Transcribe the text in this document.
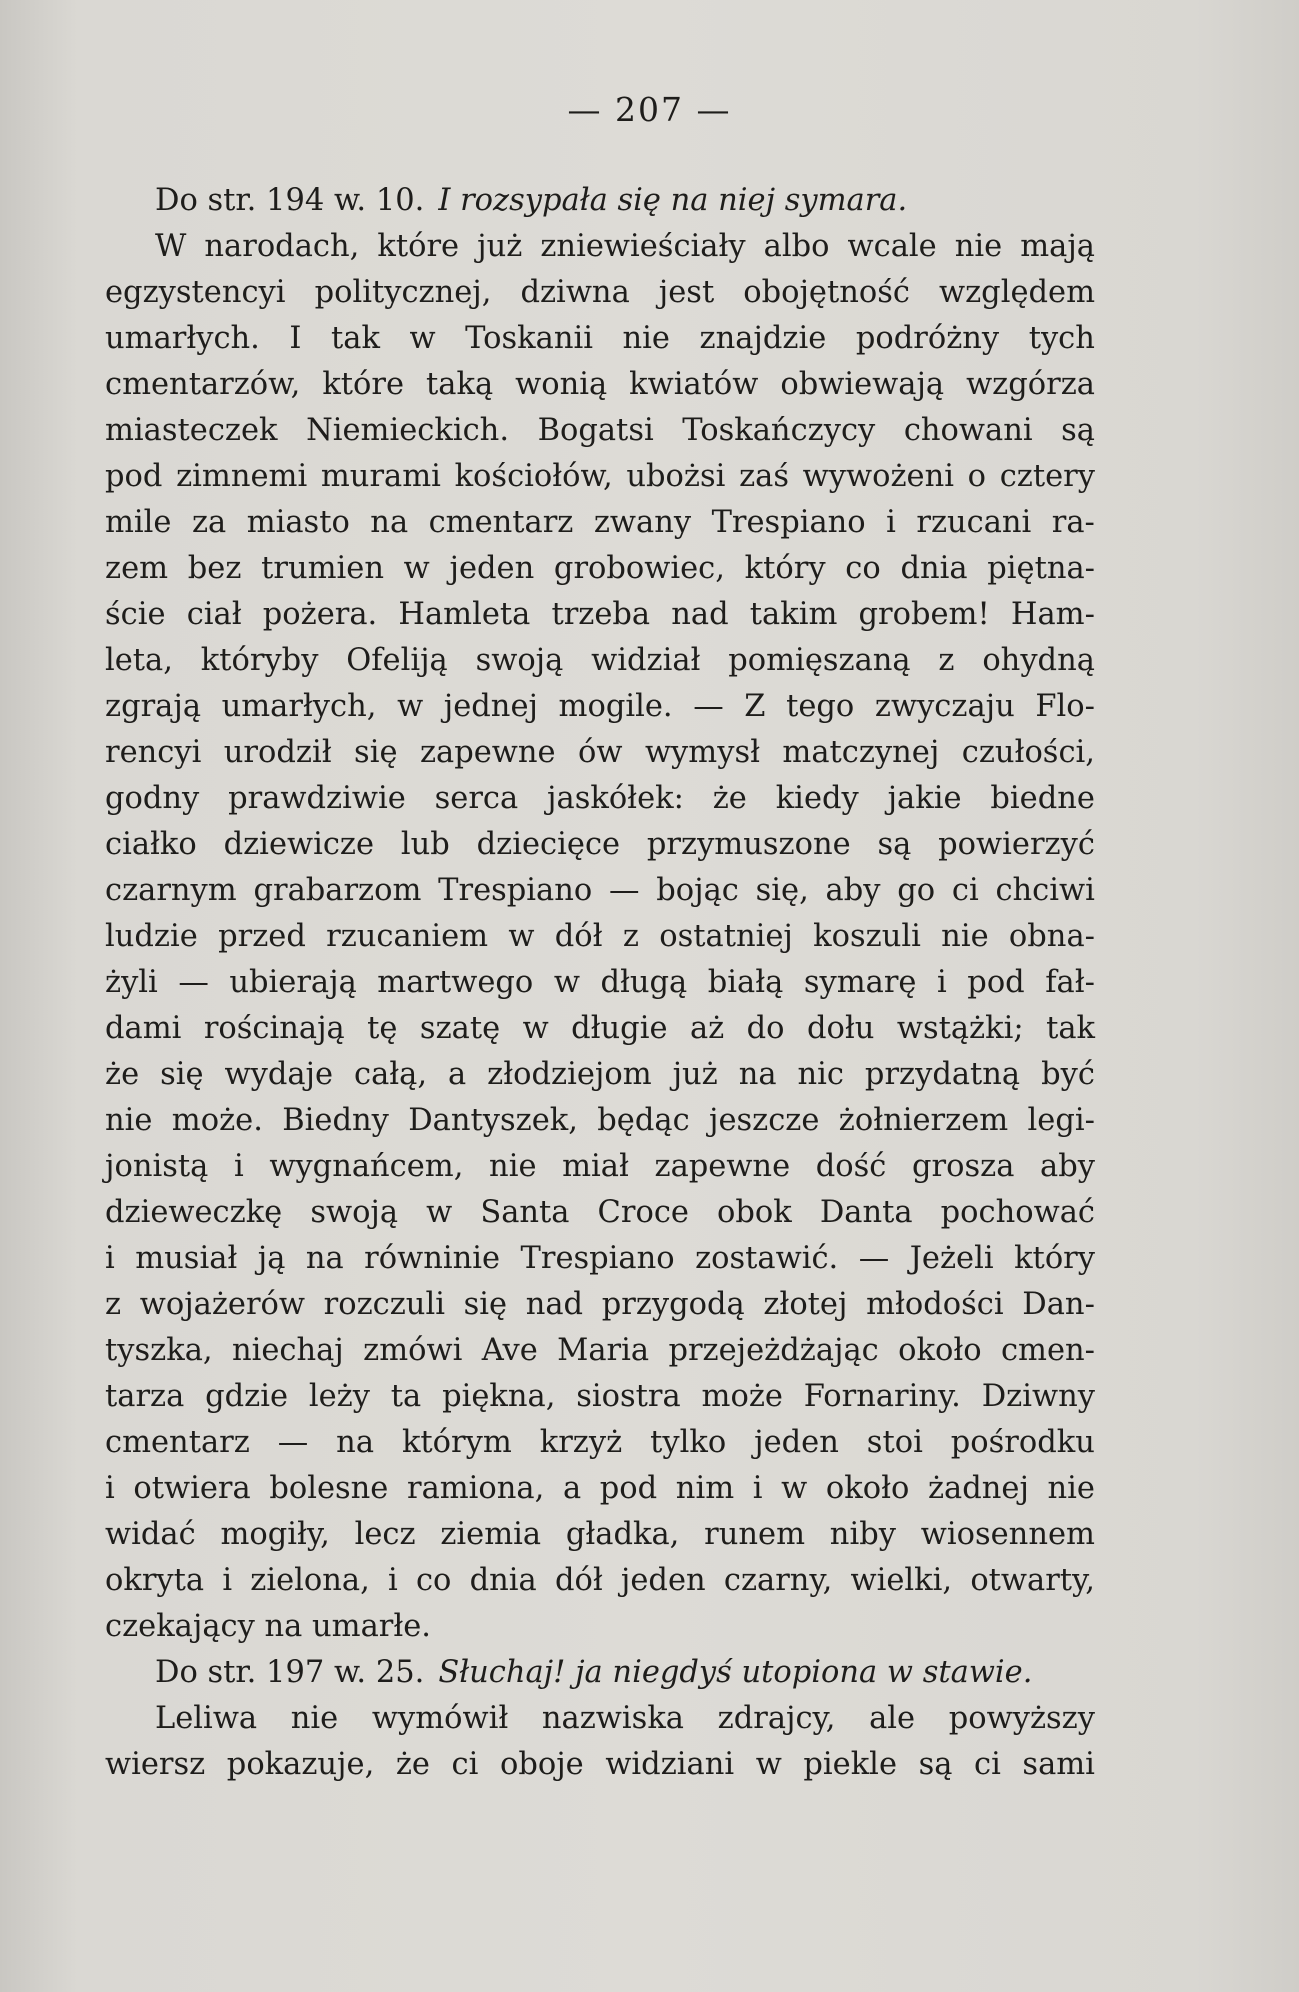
— 207 —
Do str. 194 w. 10. I rozsypała się na niej symara.
W narodach, które już zniewieściały albo wcale nie mają
egzystencyi politycznej, dziwna jest obojętność względem
umarłych. I tak w Toskanii nie znajdzie podróżny tych
cmentarzów, które taką wonią kwiatów obwiewają wzgórza
miasteczek Niemieckich. Bogatsi Toskańczycy chowani są
pod zimnemi murami kościołów, ubożsi zaś wywożeni o cztery
mile za miasto na cmentarz zwany Trespiano i rzucani ra-
zem bez trumien w jeden grobowiec, który co dnia piętna-
ście ciał pożera. Hamleta trzeba nad takim grobem! Ham-
leta, któryby Ofeliją swoją widział pomięszaną z ohydną
zgrają umarłych, w jednej mogile. — Z tego zwyczaju Flo-
rencyi urodził się zapewne ów wymysł matczynej czułości,
godny prawdziwie serca jaskółek: że kiedy jakie biedne
ciałko dziewicze lub dziecięce przymuszone są powierzyć
czarnym grabarzom Trespiano — bojąc się, aby go ci chciwi
ludzie przed rzucaniem w dół z ostatniej koszuli nie obna-
żyli — ubierają martwego w długą białą symarę i pod fał-
dami rościnają tę szatę w długie aż do dołu wstążki; tak
że się wydaje całą, a złodziejom już na nic przydatną być
nie może. Biedny Dantyszek, będąc jeszcze żołnierzem legi-
jonistą i wygnańcem, nie miał zapewne dość grosza aby
dzieweczkę swoją w Santa Croce obok Danta pochować
i musiał ją na równinie Trespiano zostawić. — Jeżeli który
z wojażerów rozczuli się nad przygodą złotej młodości Dan-
tyszka, niechaj zmówi Ave Maria przejeżdżając około cmen-
tarza gdzie leży ta piękna, siostra może Fornariny. Dziwny
cmentarz — na którym krzyż tylko jeden stoi pośrodku
i otwiera bolesne ramiona, a pod nim i w około żadnej nie
widać mogiły, lecz ziemia gładka, runem niby wiosennem
okryta i zielona, i co dnia dół jeden czarny, wielki, otwarty,
czekający na umarłe.
Do str. 197 w. 25. Słuchaj! ja niegdyś utopiona w stawie.
Leliwa nie wymówił nazwiska zdrajcy, ale powyższy
wiersz pokazuje, że ci oboje widziani w piekle są ci sami
